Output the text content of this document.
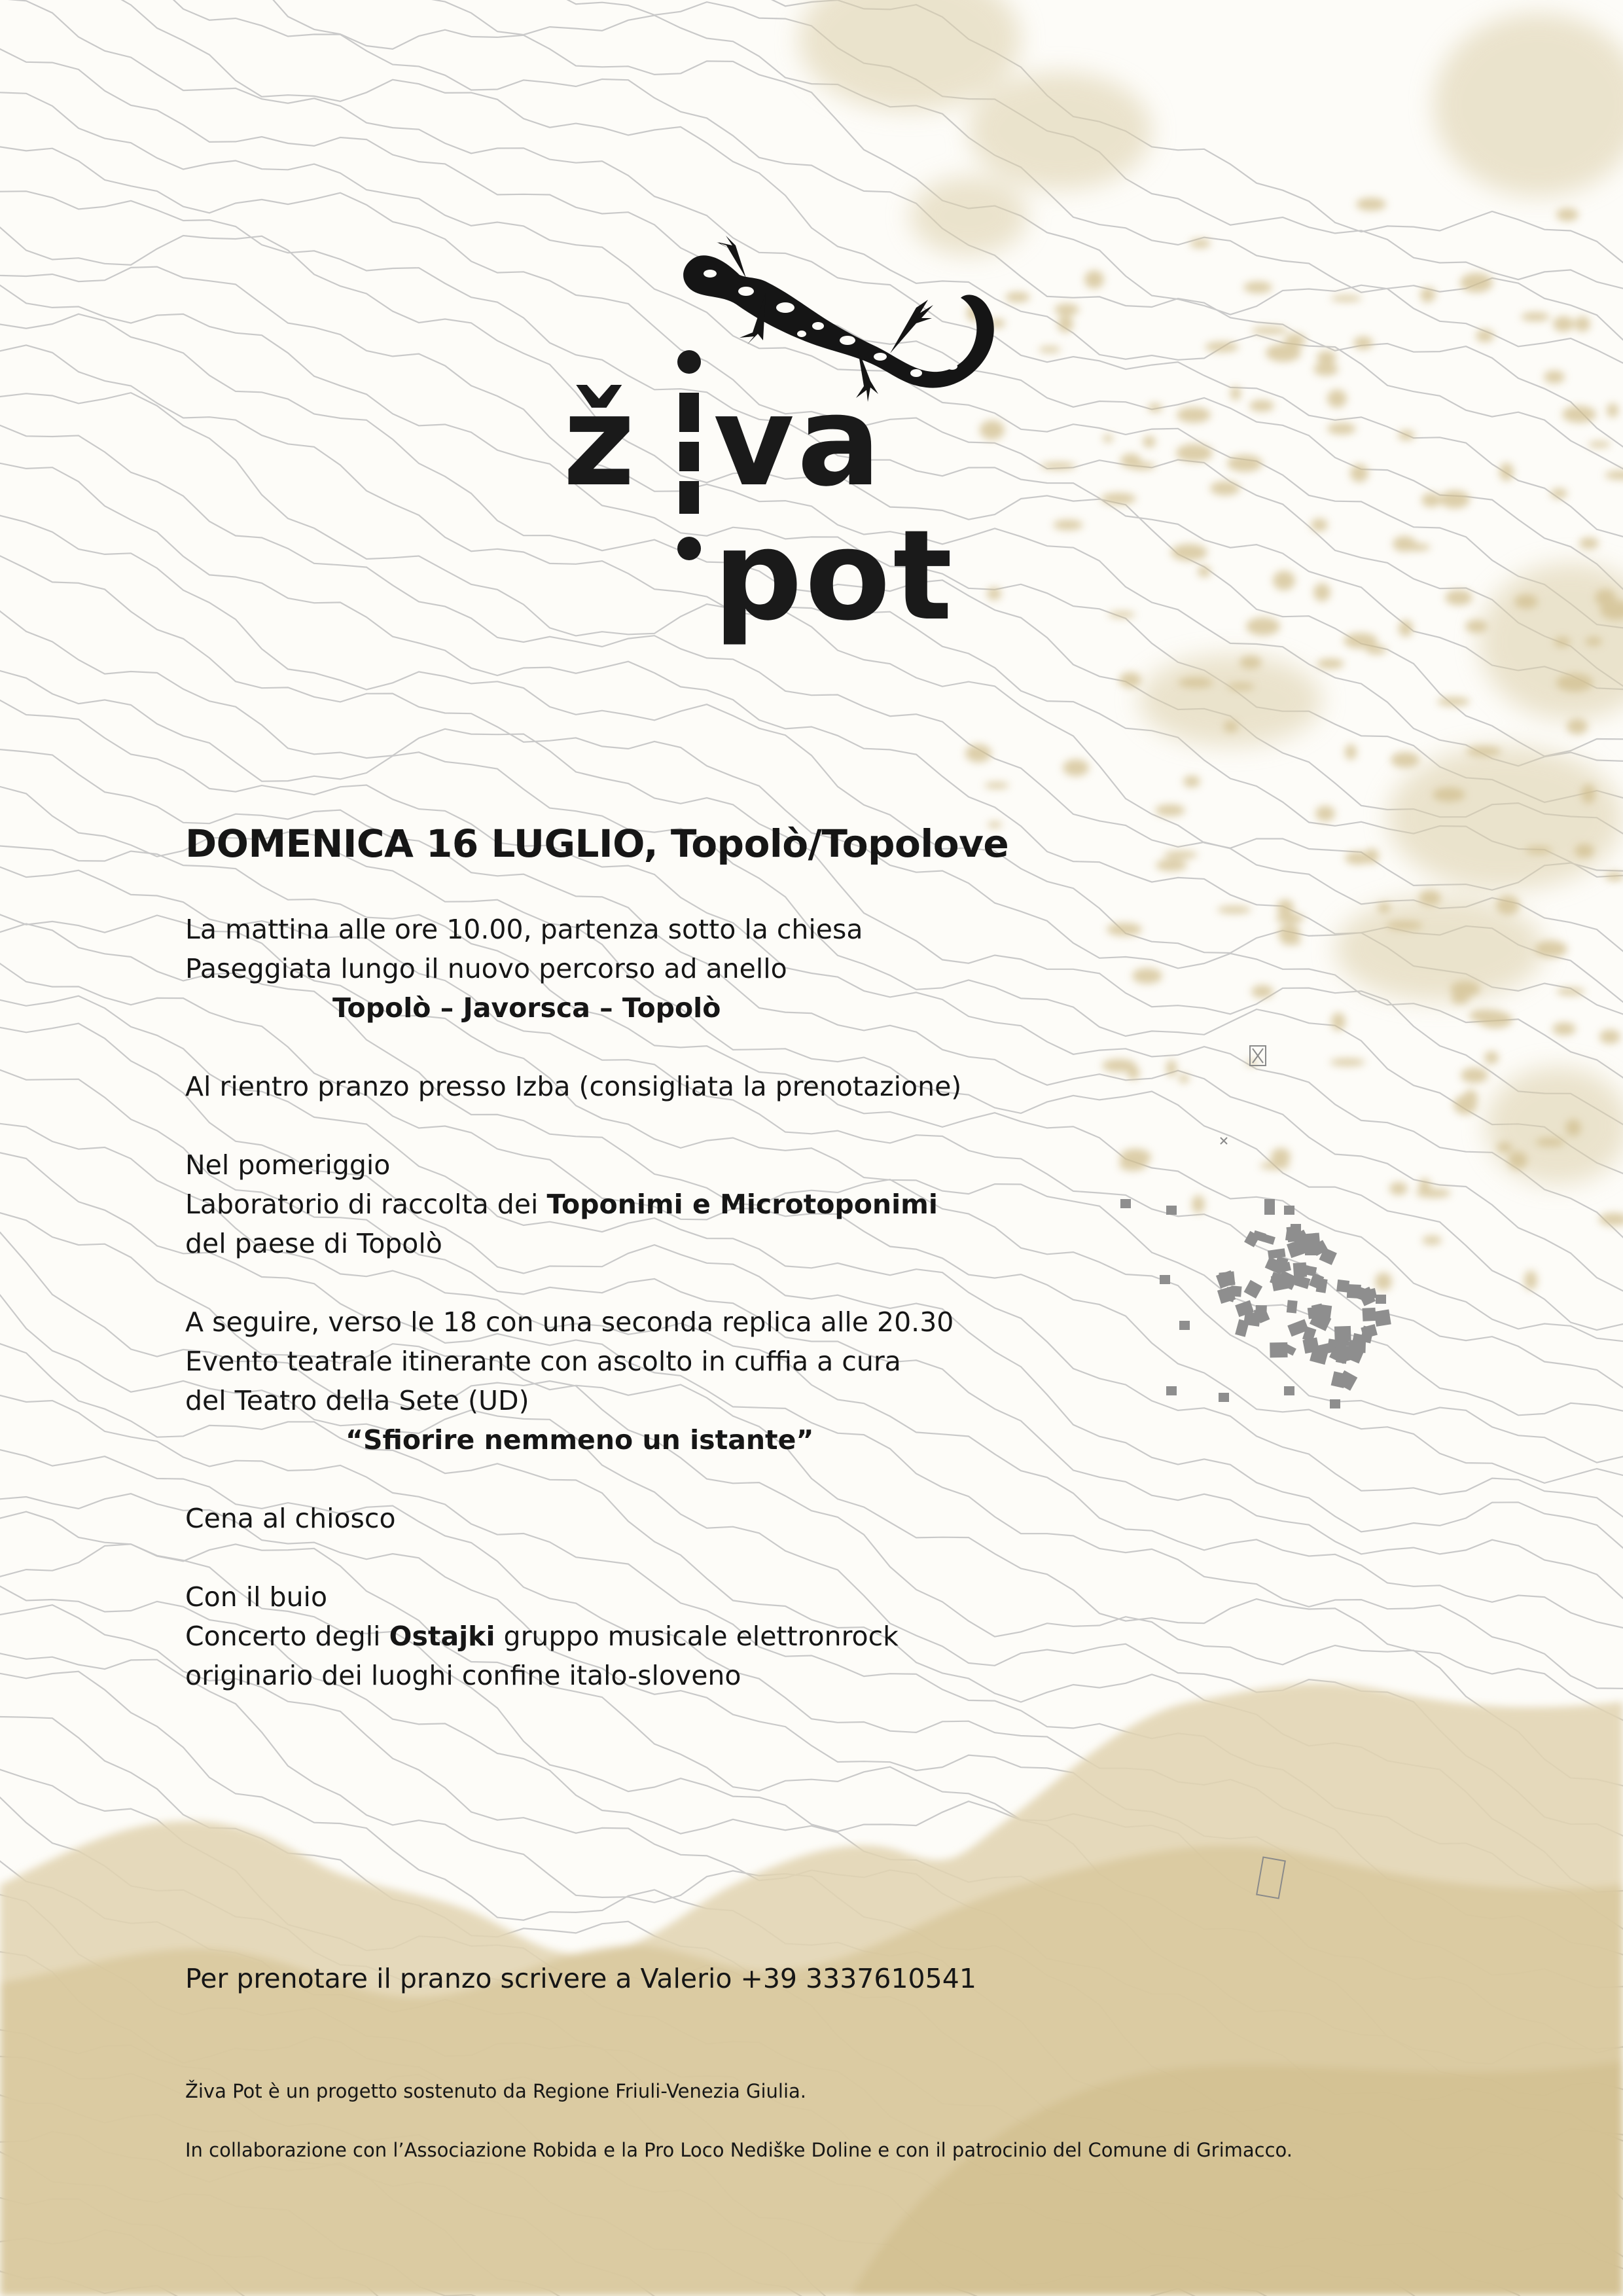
ž va
pot
DOMENICA 16 LUGLIO, Topolò/Topolove
La mattina alle ore 10.00, partenza sotto la chiesa
Paseggiata lungo il nuovo percorso ad anello
Topolò – Javorsca – Topolò
Al rientro pranzo presso Izba (consigliata la prenotazione)
Nel pomeriggio
Laboratorio di raccolta dei Toponimi e Microtoponimi
del paese di Topolò
A seguire, verso le 18 con una seconda replica alle 20.30
Evento teatrale itinerante con ascolto in cuffia a cura
del Teatro della Sete (UD)
“Sfiorire nemmeno un istante”
Cena al chiosco
Con il buio
Concerto degli Ostajki gruppo musicale elettronrock
originario dei luoghi confine italo-sloveno
Per prenotare il pranzo scrivere a Valerio +39 3337610541
Živa Pot è un progetto sostenuto da Regione Friuli-Venezia Giulia.
In collaborazione con l’Associazione Robida e la Pro Loco Nediške Doline e con il patrocinio del Comune di Grimacco.
